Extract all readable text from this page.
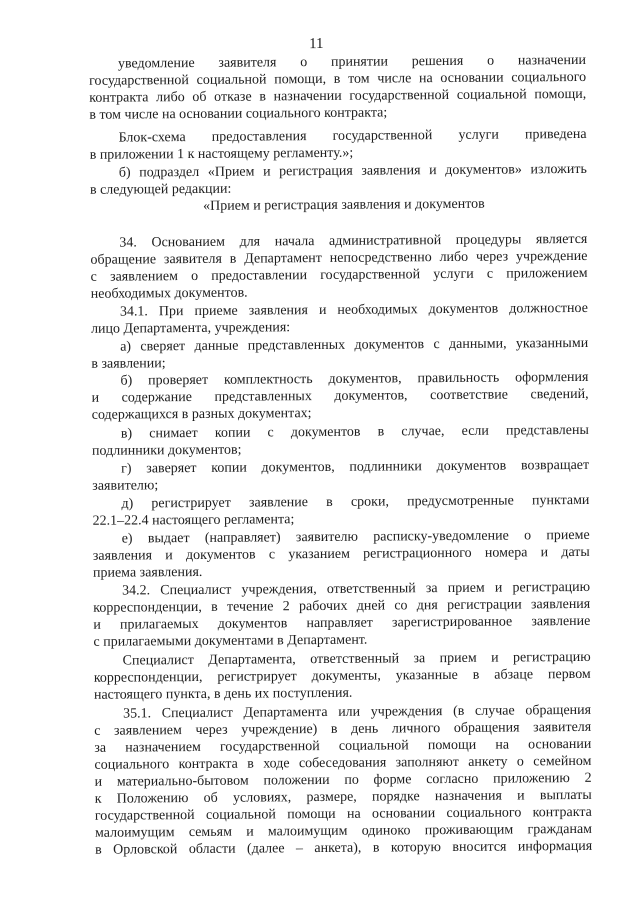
11
уведомление заявителя о принятии решения о назначении
государственной социальной помощи, в том числе на основании социального
контракта либо об отказе в назначении государственной социальной помощи,
в том числе на основании социального контракта;
Блок-схема предоставления государственной услуги приведена
в приложении 1 к настоящему регламенту.»;
б) подраздел «Прием и регистрация заявления и документов» изложить
в следующей редакции:
«Прием и регистрация заявления и документов
34. Основанием для начала административной процедуры является
обращение заявителя в Департамент непосредственно либо через учреждение
с заявлением о предоставлении государственной услуги с приложением
необходимых документов.
34.1. При приеме заявления и необходимых документов должностное
лицо Департамента, учреждения:
а) сверяет данные представленных документов с данными, указанными
в заявлении;
б) проверяет комплектность документов, правильность оформления
и содержание представленных документов, соответствие сведений,
содержащихся в разных документах;
в) снимает копии с документов в случае, если представлены
подлинники документов;
г) заверяет копии документов, подлинники документов возвращает
заявителю;
д) регистрирует заявление в сроки, предусмотренные пунктами
22.1–22.4 настоящего регламента;
е) выдает (направляет) заявителю расписку-уведомление о приеме
заявления и документов с указанием регистрационного номера и даты
приема заявления.
34.2. Специалист учреждения, ответственный за прием и регистрацию
корреспонденции, в течение 2 рабочих дней со дня регистрации заявления
и прилагаемых документов направляет зарегистрированное заявление
с прилагаемыми документами в Департамент.
Специалист Департамента, ответственный за прием и регистрацию
корреспонденции, регистрирует документы, указанные в абзаце первом
настоящего пункта, в день их поступления.
35.1. Специалист Департамента или учреждения (в случае обращения
с заявлением через учреждение) в день личного обращения заявителя
за назначением государственной социальной помощи на основании
социального контракта в ходе собеседования заполняют анкету о семейном
и материально-бытовом положении по форме согласно приложению 2
к Положению об условиях, размере, порядке назначения и выплаты
государственной социальной помощи на основании социального контракта
малоимущим семьям и малоимущим одиноко проживающим гражданам
в Орловской области (далее – анкета), в которую вносится информация
